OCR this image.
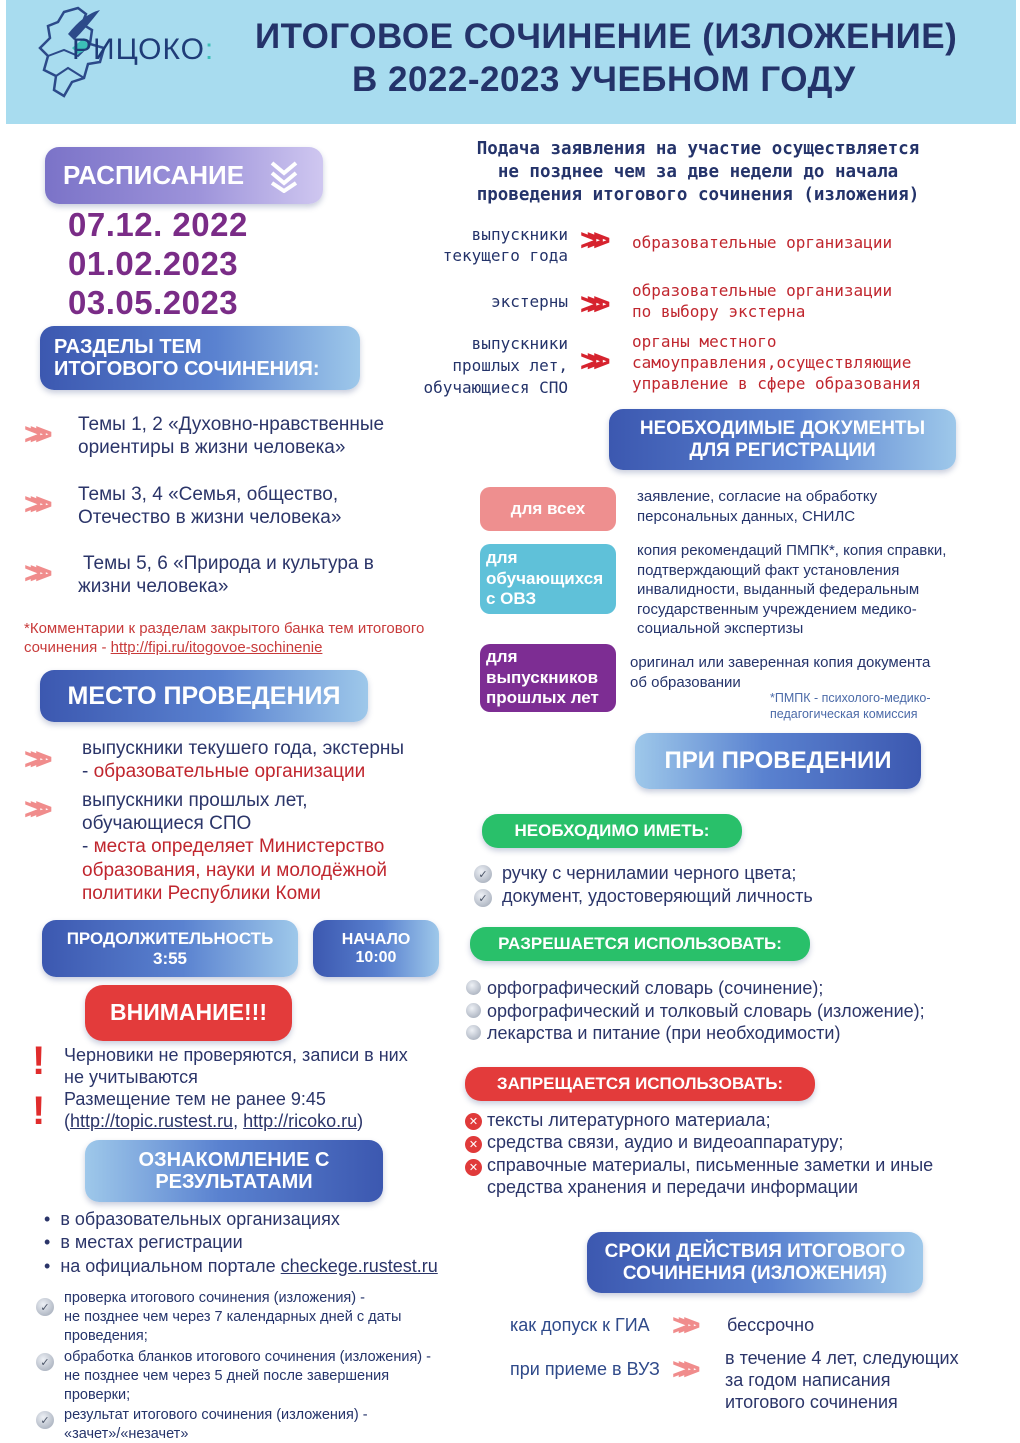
РИЦОКО: ИТОГОВОЕ СОЧИНЕНИЕ (ИЗЛОЖЕНИЕ)
В 2022-2023 УЧЕБНОМ ГОДУ
РАСПИСАНИЕ
07.12. 2022
01.02.2023
03.05.2023
РАЗДЕЛЫ ТЕМ
ИТОГОВОГО СОЧИНЕНИЯ:
>>> Темы 1, 2 «Духовно-нравственные
ориентиры в жизни человека»
>>> Темы 3, 4 «Семья, общество,
Отечество в жизни человека»
>>> Темы 5, 6 «Природа и культура в
жизни человека»
*Комментарии к разделам закрытого банка тем итогового
сочинения - http://fipi.ru/itogovoe-sochinenie
Подача заявления на участие осуществляется
не позднее чем за две недели до начала
проведения итогового сочинения (изложения)
выпускники
текущего года >>> образовательные организации
экстерны >>> образовательные организации
по выбору экстерна
выпускники
прошлых лет,
обучающиеся СПО
>>>
органы местного
самоуправления,осуществляющие
управление в сфере образования
НЕОБХОДИМЫЕ ДОКУМЕНТЫ
ДЛЯ РЕГИСТРАЦИИ
для всех
заявление, согласие на обработку
персональных данных, СНИЛС
для
обучающихся
с ОВЗ
копия рекомендаций ПМПК*, копия справки,
подтверждающий факт установления
инвалидности, выданный федеральным
государственным учреждением медико-
социальной экспертизы
для
выпускников
прошлых лет
оригинал или заверенная копия документа
об образовании
*ПМПК - психолого-медико-
педагогическая комиссия
МЕСТО ПРОВЕДЕНИЯ
>>> выпускники текушего года, экстерны
- образовательные организации
>>> выпускники прошлых лет,
обучающиеся СПО
- места определяет Министерство
образования, науки и молодёжной
политики Республики Коми
ПРИ ПРОВЕДЕНИИ
НЕОБХОДИМО ИМЕТЬ:
✓ ручку с черниламии черного цвета;
✓ документ, удостоверяющий личность
РАЗРЕШАЕТСЯ ИСПОЛЬЗОВАТЬ:
орфографический словарь (сочинение);
орфографический и толковый словарь (изложение);
лекарства и питание (при необходимости)
ЗАПРЕЩАЕТСЯ ИСПОЛЬЗОВАТЬ:
✕ тексты литературного материала;
✕ средства связи, аудио и видеоаппаратуру;
✕ справочные материалы, письменные заметки и иные
средства хранения и передачи информации
ПРОДОЛЖИТЕЛЬНОСТЬ
3:55
НАЧАЛО
10:00
ВНИМАНИЕ!!!
! Черновики не проверяются, записи в них
не учитываются
! Размещение тем не ранее 9:45
(http://topic.rustest.ru, http://ricoko.ru)
ОЗНАКОМЛЕНИЕ С
РЕЗУЛЬТАТАМИ
•  в образовательных организациях
•  в местах регистрации
•  на официальном портале checkege.rustest.ru
✓
проверка итогового сочинения (изложения) -
не позднее чем через 7 календарных дней с даты
проведения;
✓ обработка бланков итогового сочинения (изложения) -
не позднее чем через 5 дней после завершения
проверки;
✓ результат итогового сочинения (изложения) -
«зачет»/«незачет»
СРОКИ ДЕЙСТВИЯ ИТОГОВОГО
СОЧИНЕНИЯ (ИЗЛОЖЕНИЯ)
как допуск к ГИА >>> бессрочно
при приеме в ВУЗ >>> в течение 4 лет, следующих
за годом написания
итогового сочинения
